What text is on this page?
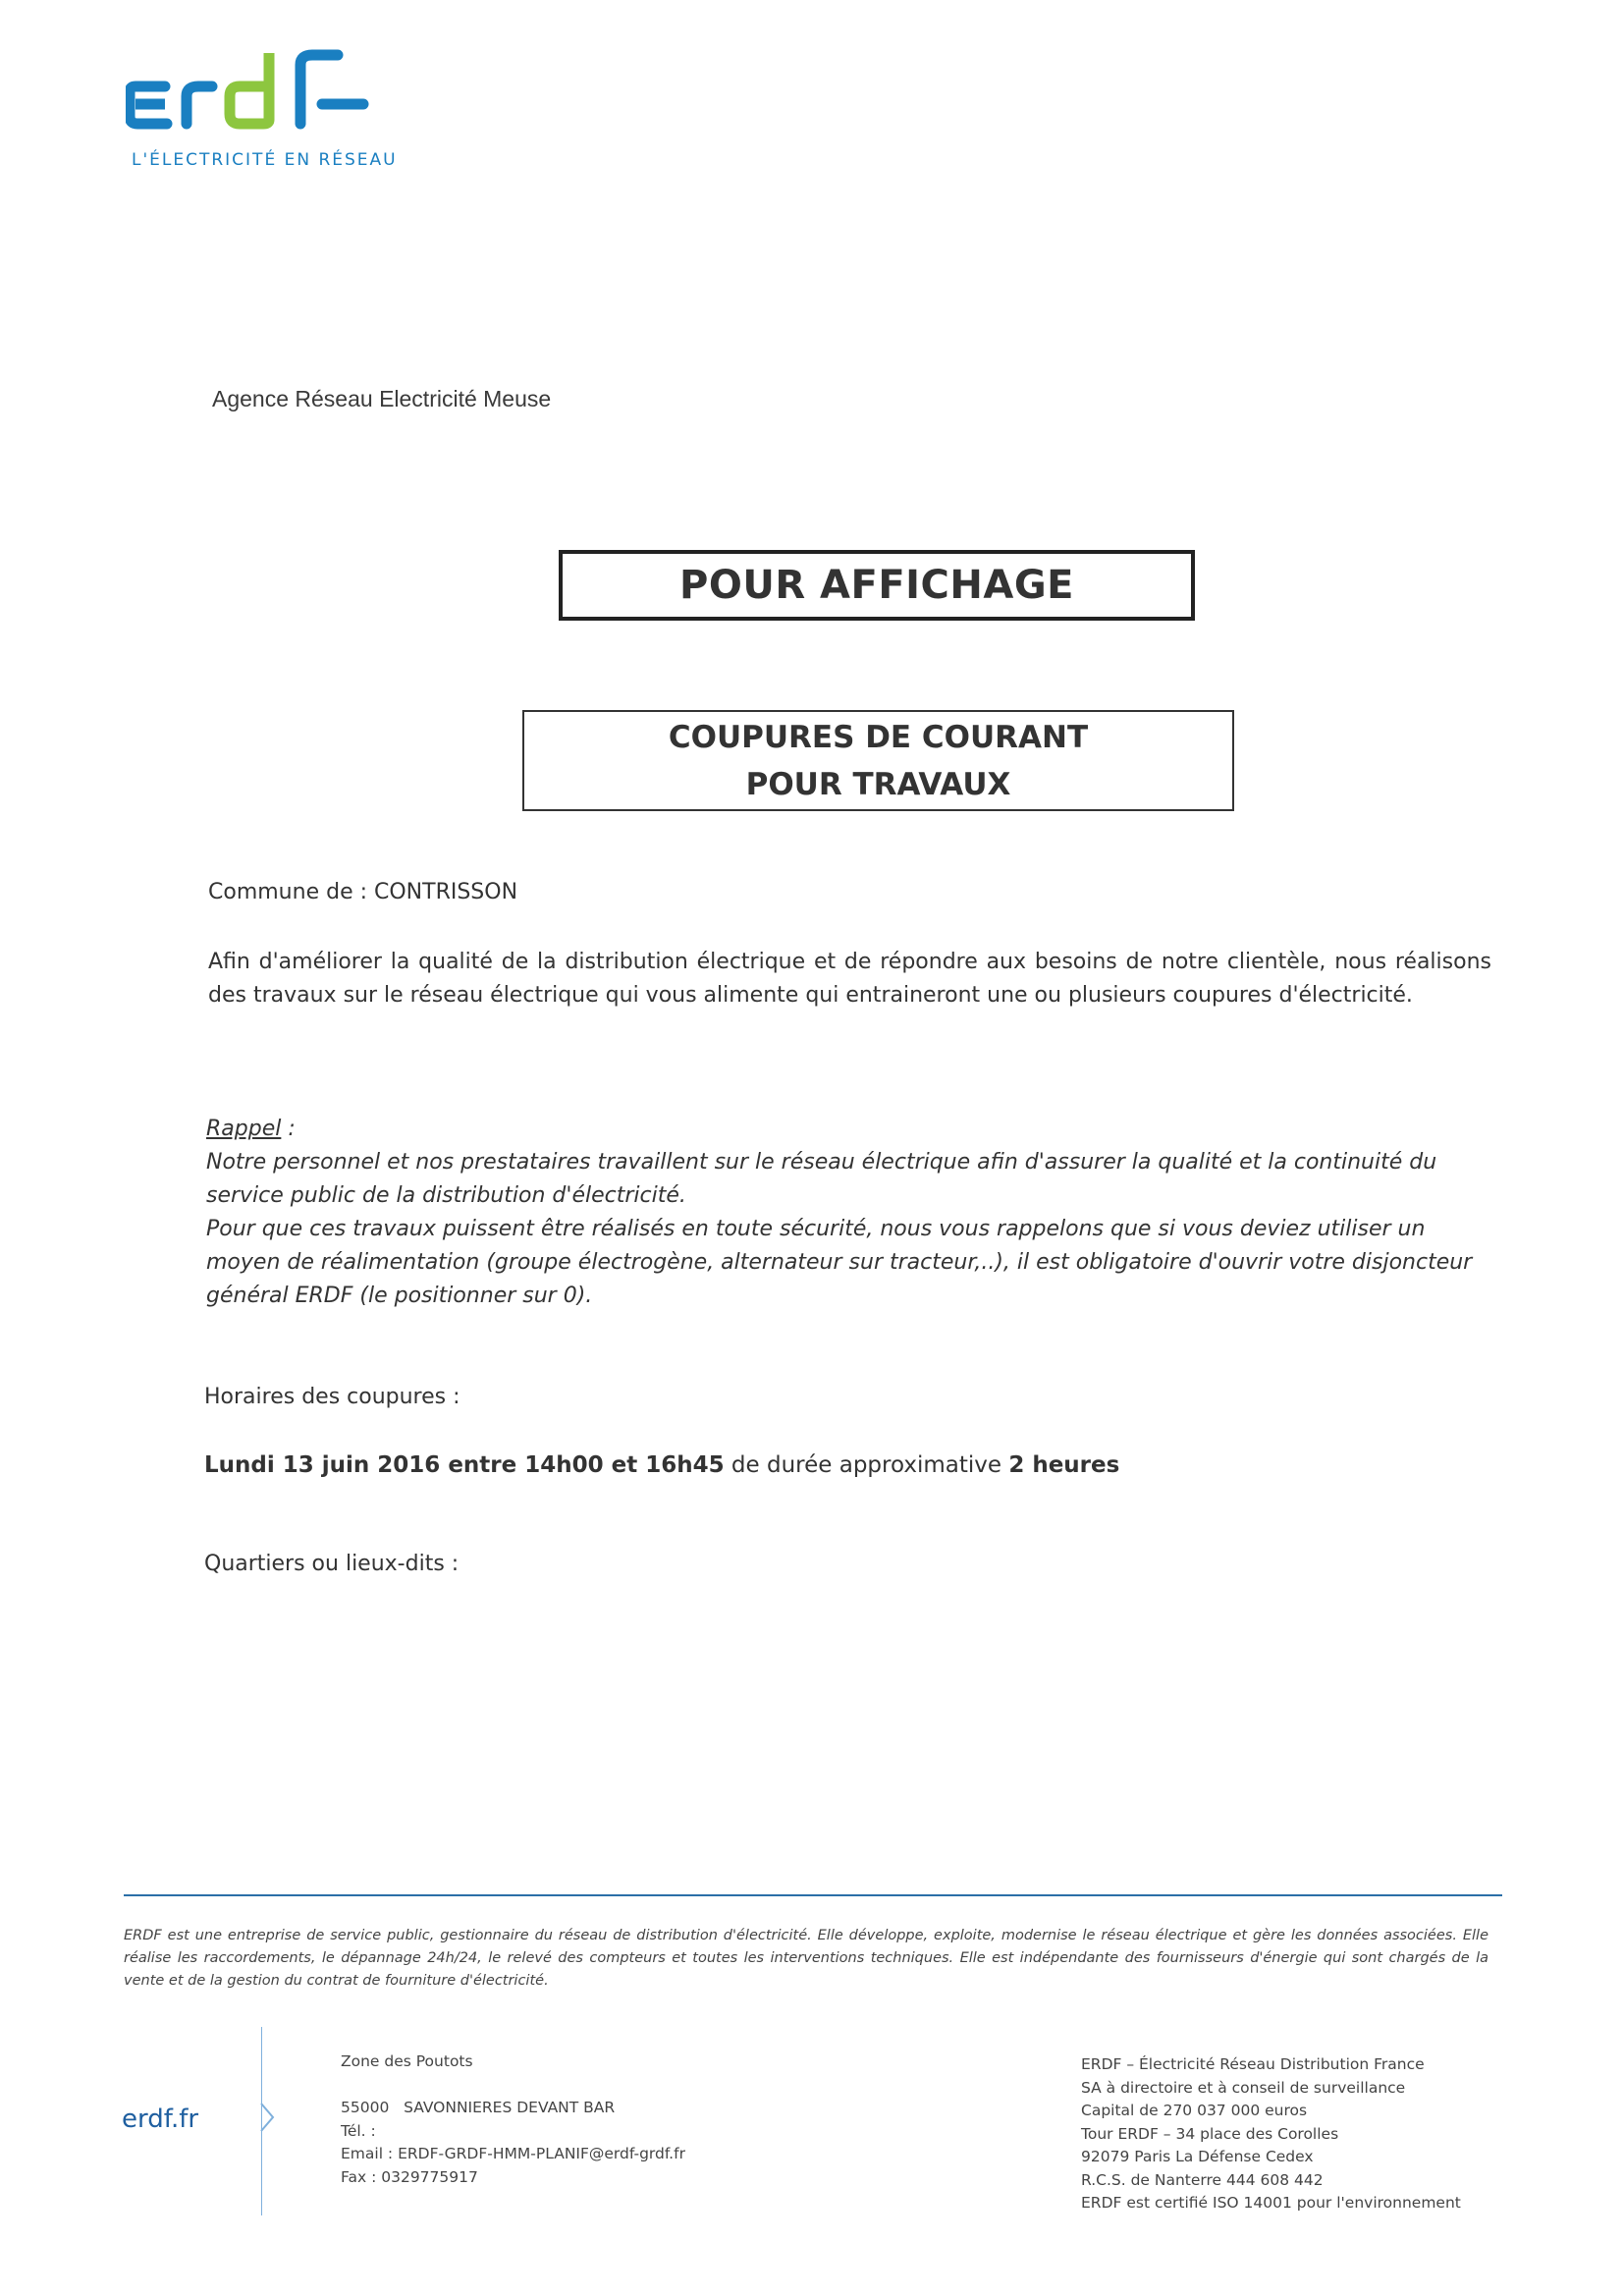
L'ÉLECTRICITÉ EN RÉSEAU
Agence Réseau Electricité Meuse
POUR AFFICHAGE
COUPURES DE COURANT
POUR TRAVAUX
Commune de : CONTRISSON
Afin d'améliorer la qualité de la distribution électrique et de répondre aux besoins de notre clientèle, nous réalisons des travaux sur le réseau électrique qui vous alimente qui entraineront une ou plusieurs coupures d'électricité.

Rappel :

Notre personnel et nos prestataires travaillent sur le réseau électrique afin d'assurer la qualité et la continuité du service public de la distribution d'électricité.

Pour que ces travaux puissent être réalisés en toute sécurité, nous vous rappelons que si vous deviez utiliser un moyen de réalimentation (groupe électrogène, alternateur sur tracteur,..), il est obligatoire d'ouvrir votre disjoncteur général ERDF (le positionner sur 0).

Horaires des coupures :
Lundi 13 juin 2016 entre 14h00 et 16h45 de durée approximative 2 heures
Quartiers ou lieux-dits :
ERDF est une entreprise de service public, gestionnaire du réseau de distribution d'électricité. Elle développe, exploite, modernise le réseau électrique et gère les données associées. Elle réalise les raccordements, le dépannage 24h/24, le relevé des compteurs et toutes les interventions techniques. Elle est indépendante des fournisseurs d'énergie qui sont chargés de la vente et de la gestion du contrat de fourniture d'électricité.
erdf.fr
Zone des Poutots
55000   SAVONNIERES DEVANT BAR
Tél. :
Email : ERDF-GRDF-HMM-PLANIF@erdf-grdf.fr
Fax : 0329775917
ERDF – Électricité Réseau Distribution France
SA à directoire et à conseil de surveillance
Capital de 270 037 000 euros
Tour ERDF – 34 place des Corolles
92079 Paris La Défense Cedex
R.C.S. de Nanterre 444 608 442
ERDF est certifié ISO 14001 pour l'environnement
